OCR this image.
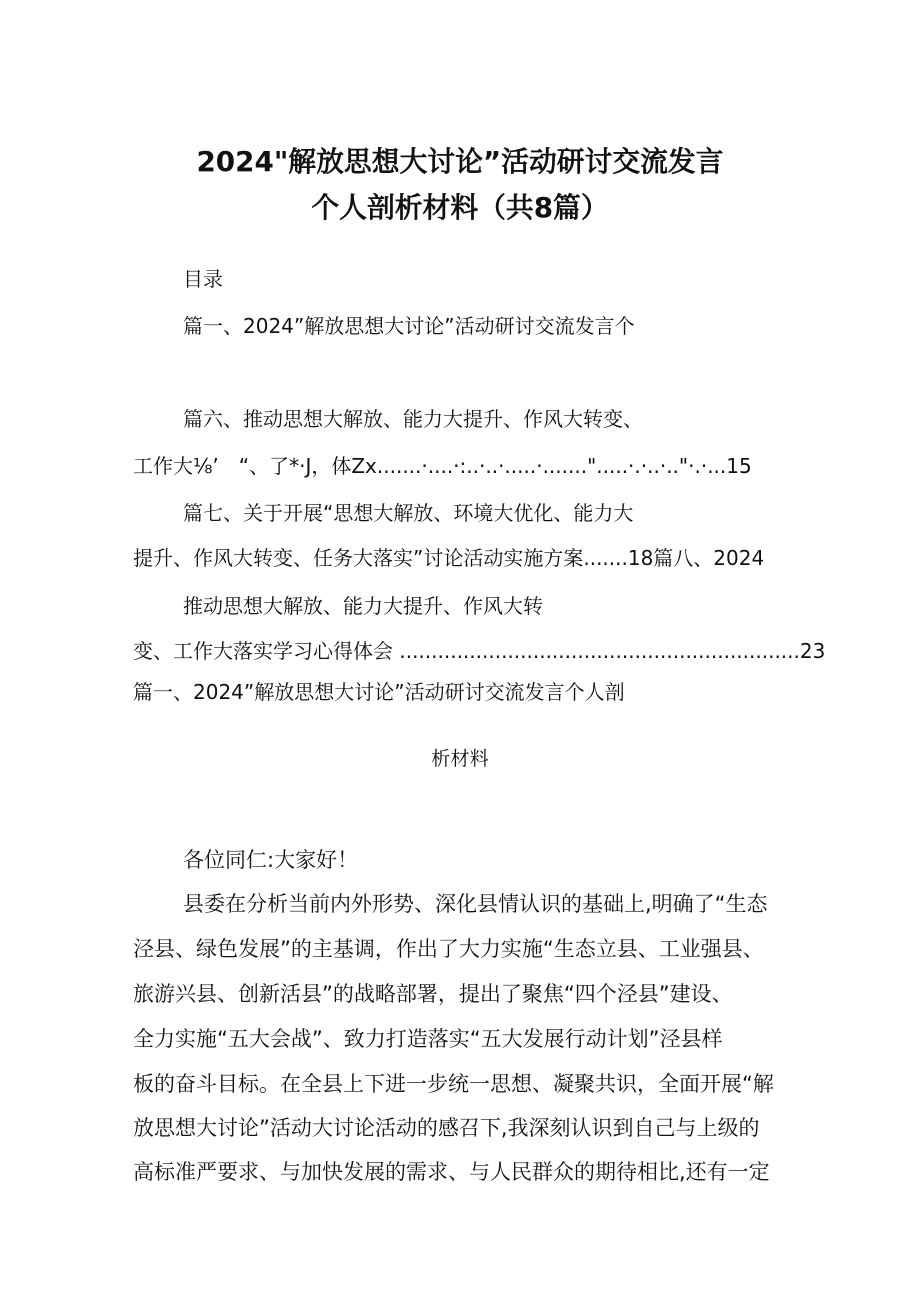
2024"解放思想大讨论”活动研讨交流发言
个人剖析材料（共8篇）
目录
篇一、2024”解放思想大讨论”活动研讨交流发言个
篇六、推动思想大解放、能力大提升、作风大转变、
工作大⅛’　“、了*·J，体Zx.......·....·:..·..·.....·.......".....·.·..·.."·.·...15
篇七、关于开展“思想大解放、环境大优化、能力大
提升、作风大转变、任务大落实”讨论活动实施方案.......18篇八、2024
推动思想大解放、能力大提升、作风大转
变、工作大落实学习心得体会 ...............................................................23
篇一、2024”解放思想大讨论”活动研讨交流发言个人剖
析材料
各位同仁:大家好！
县委在分析当前内外形势、深化县情认识的基础上,明确了“生态
泾县、绿色发展”的主基调，作出了大力实施“生态立县、工业强县、
旅游兴县、创新活县”的战略部署，提出了聚焦“四个泾县”建设、
全力实施“五大会战”、致力打造落实“五大发展行动计划”泾县样
板的奋斗目标。在全县上下进一步统一思想、凝聚共识，全面开展“解
放思想大讨论”活动大讨论活动的感召下,我深刻认识到自己与上级的
高标准严要求、与加快发展的需求、与人民群众的期待相比,还有一定
